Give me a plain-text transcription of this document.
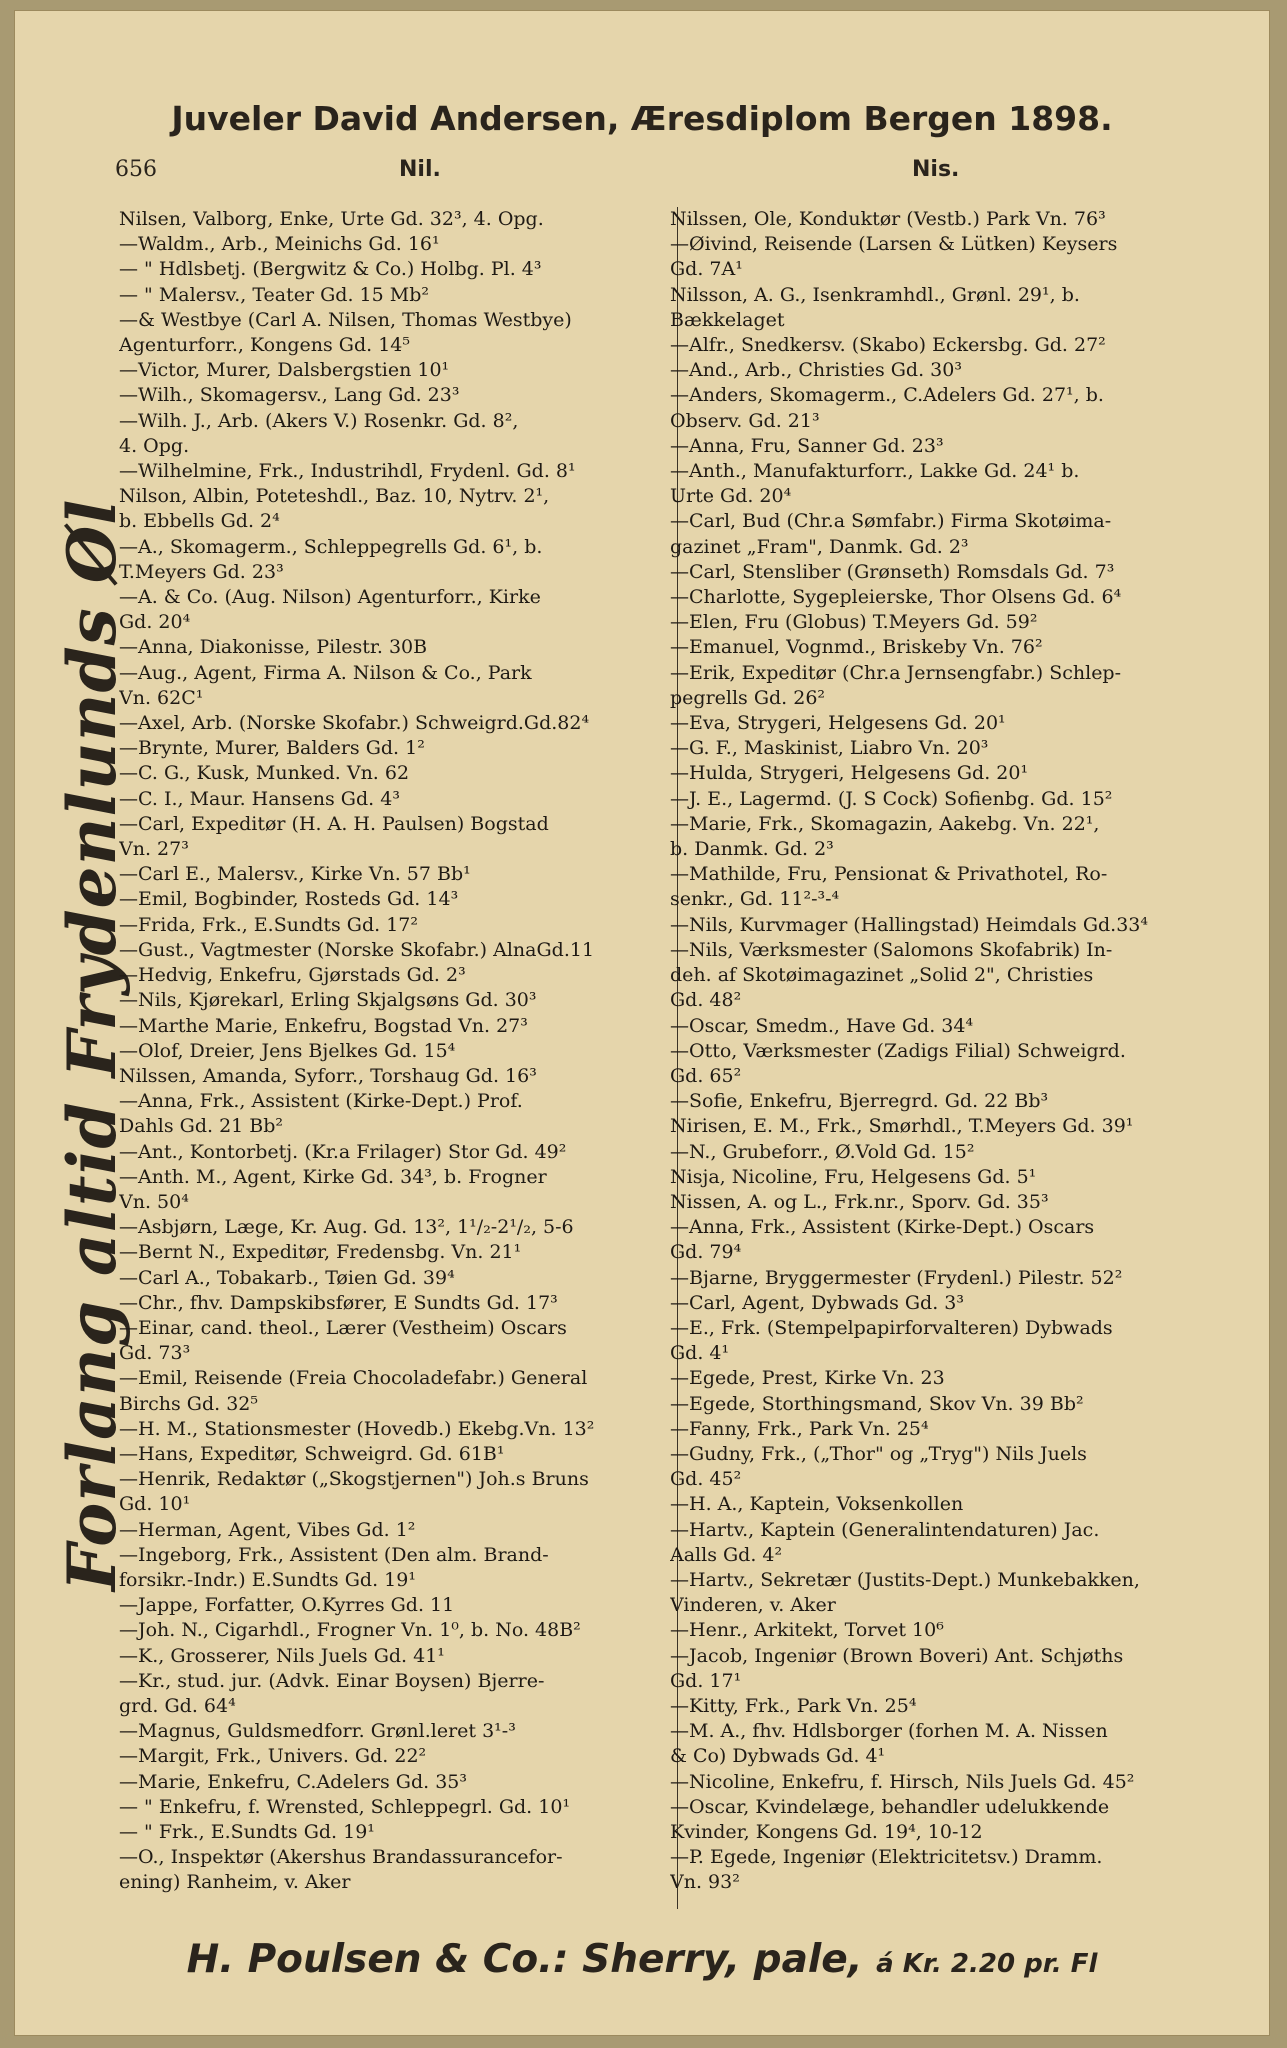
Juveler David Andersen, Æresdiplom Bergen 1898.
656	Nil.	Nis.
Forlang altid Frydenlunds Øl
Nilsen, Valborg, Enke, Urte Gd. 32³, 4. Opg.
—Waldm., Arb., Meinichs Gd. 16¹
— " Hdlsbetj. (Bergwitz & Co.) Holbg. Pl. 4³
— " Malersv., Teater Gd. 15 Mb²
—& Westbye (Carl A. Nilsen, Thomas Westbye)
Agenturforr., Kongens Gd. 14⁵
—Victor, Murer, Dalsbergstien 10¹
—Wilh., Skomagersv., Lang Gd. 23³
—Wilh. J., Arb. (Akers V.) Rosenkr. Gd. 8²,
4. Opg.
—Wilhelmine, Frk., Industrihdl, Frydenl. Gd. 8¹
Nilson, Albin, Poteteshdl., Baz. 10, Nytrv. 2¹,
b. Ebbells Gd. 2⁴
—A., Skomagerm., Schleppegrells Gd. 6¹, b.
T.Meyers Gd. 23³
—A. & Co. (Aug. Nilson) Agenturforr., Kirke
Gd. 20⁴
—Anna, Diakonisse, Pilestr. 30B
—Aug., Agent, Firma A. Nilson & Co., Park
Vn. 62C¹
—Axel, Arb. (Norske Skofabr.) Schweigrd.Gd.82⁴
—Brynte, Murer, Balders Gd. 1²
—C. G., Kusk, Munked. Vn. 62
—C. I., Maur. Hansens Gd. 4³
—Carl, Expeditør (H. A. H. Paulsen) Bogstad
Vn. 27³
—Carl E., Malersv., Kirke Vn. 57 Bb¹
—Emil, Bogbinder, Rosteds Gd. 14³
—Frida, Frk., E.Sundts Gd. 17²
—Gust., Vagtmester (Norske Skofabr.) AlnaGd.11
—Hedvig, Enkefru, Gjørstads Gd. 2³
—Nils, Kjørekarl, Erling Skjalgsøns Gd. 30³
—Marthe Marie, Enkefru, Bogstad Vn. 27³
—Olof, Dreier, Jens Bjelkes Gd. 15⁴
Nilssen, Amanda, Syforr., Torshaug Gd. 16³
—Anna, Frk., Assistent (Kirke-Dept.) Prof.
Dahls Gd. 21 Bb²
—Ant., Kontorbetj. (Kr.a Frilager) Stor Gd. 49²
—Anth. M., Agent, Kirke Gd. 34³, b. Frogner
Vn. 50⁴
—Asbjørn, Læge, Kr. Aug. Gd. 13², 1¹/₂-2¹/₂, 5-6
—Bernt N., Expeditør, Fredensbg. Vn. 21¹
—Carl A., Tobakarb., Tøien Gd. 39⁴
—Chr., fhv. Dampskibsfører, E Sundts Gd. 17³
—Einar, cand. theol., Lærer (Vestheim) Oscars
Gd. 73³
—Emil, Reisende (Freia Chocoladefabr.) General
Birchs Gd. 32⁵
—H. M., Stationsmester (Hovedb.) Ekebg.Vn. 13²
—Hans, Expeditør, Schweigrd. Gd. 61B¹
—Henrik, Redaktør („Skogstjernen") Joh.s Bruns
Gd. 10¹
—Herman, Agent, Vibes Gd. 1²
—Ingeborg, Frk., Assistent (Den alm. Brand-
forsikr.-Indr.) E.Sundts Gd. 19¹
—Jappe, Forfatter, O.Kyrres Gd. 11
—Joh. N., Cigarhdl., Frogner Vn. 1⁰, b. No. 48B²
—K., Grosserer, Nils Juels Gd. 41¹
—Kr., stud. jur. (Advk. Einar Boysen) Bjerre-
grd. Gd. 64⁴
—Magnus, Guldsmedforr. Grønl.leret 3¹-³
—Margit, Frk., Univers. Gd. 22²
—Marie, Enkefru, C.Adelers Gd. 35³
— " Enkefru, f. Wrensted, Schleppegrl. Gd. 10¹
— " Frk., E.Sundts Gd. 19¹
—O., Inspektør (Akershus Brandassurancefor-
ening) Ranheim, v. Aker
Nilssen, Ole, Konduktør (Vestb.) Park Vn. 76³
—Øivind, Reisende (Larsen & Lütken) Keysers
Gd. 7A¹
Nilsson, A. G., Isenkramhdl., Grønl. 29¹, b.
Bækkelaget
—Alfr., Snedkersv. (Skabo) Eckersbg. Gd. 27²
—And., Arb., Christies Gd. 30³
—Anders, Skomagerm., C.Adelers Gd. 27¹, b.
Observ. Gd. 21³
—Anna, Fru, Sanner Gd. 23³
—Anth., Manufakturforr., Lakke Gd. 24¹ b.
Urte Gd. 20⁴
—Carl, Bud (Chr.a Sømfabr.) Firma Skotøima-
gazinet „Fram", Danmk. Gd. 2³
—Carl, Stensliber (Grønseth) Romsdals Gd. 7³
—Charlotte, Sygepleierske, Thor Olsens Gd. 6⁴
—Elen, Fru (Globus) T.Meyers Gd. 59²
—Emanuel, Vognmd., Briskeby Vn. 76²
—Erik, Expeditør (Chr.a Jernsengfabr.) Schlep-
pegrells Gd. 26²
—Eva, Strygeri, Helgesens Gd. 20¹
—G. F., Maskinist, Liabro Vn. 20³
—Hulda, Strygeri, Helgesens Gd. 20¹
—J. E., Lagermd. (J. S Cock) Sofienbg. Gd. 15²
—Marie, Frk., Skomagazin, Aakebg. Vn. 22¹,
b. Danmk. Gd. 2³
—Mathilde, Fru, Pensionat & Privathotel, Ro-
senkr., Gd. 11²-³-⁴
—Nils, Kurvmager (Hallingstad) Heimdals Gd.33⁴
—Nils, Værksmester (Salomons Skofabrik) In-
deh. af Skotøimagazinet „Solid 2", Christies
Gd. 48²
—Oscar, Smedm., Have Gd. 34⁴
—Otto, Værksmester (Zadigs Filial) Schweigrd.
Gd. 65²
—Sofie, Enkefru, Bjerregrd. Gd. 22 Bb³
Nirisen, E. M., Frk., Smørhdl., T.Meyers Gd. 39¹
—N., Grubeforr., Ø.Vold Gd. 15²
Nisja, Nicoline, Fru, Helgesens Gd. 5¹
Nissen, A. og L., Frk.nr., Sporv. Gd. 35³
—Anna, Frk., Assistent (Kirke-Dept.) Oscars
Gd. 79⁴
—Bjarne, Bryggermester (Frydenl.) Pilestr. 52²
—Carl, Agent, Dybwads Gd. 3³
—E., Frk. (Stempelpapirforvalteren) Dybwads
Gd. 4¹
—Egede, Prest, Kirke Vn. 23
—Egede, Storthingsmand, Skov Vn. 39 Bb²
—Fanny, Frk., Park Vn. 25⁴
—Gudny, Frk., („Thor" og „Tryg") Nils Juels
Gd. 45²
—H. A., Kaptein, Voksenkollen
—Hartv., Kaptein (Generalintendaturen) Jac.
Aalls Gd. 4²
—Hartv., Sekretær (Justits-Dept.) Munkebakken,
Vinderen, v. Aker
—Henr., Arkitekt, Torvet 10⁶
—Jacob, Ingeniør (Brown Boveri) Ant. Schjøths
Gd. 17¹
—Kitty, Frk., Park Vn. 25⁴
—M. A., fhv. Hdlsborger (forhen M. A. Nissen
& Co) Dybwads Gd. 4¹
—Nicoline, Enkefru, f. Hirsch, Nils Juels Gd. 45²
—Oscar, Kvindelæge, behandler udelukkende
Kvinder, Kongens Gd. 19⁴, 10-12
—P. Egede, Ingeniør (Elektricitetsv.) Dramm.
Vn. 93²
H. Poulsen & Co.: Sherry, pale, á Kr. 2.20 pr. Fl
